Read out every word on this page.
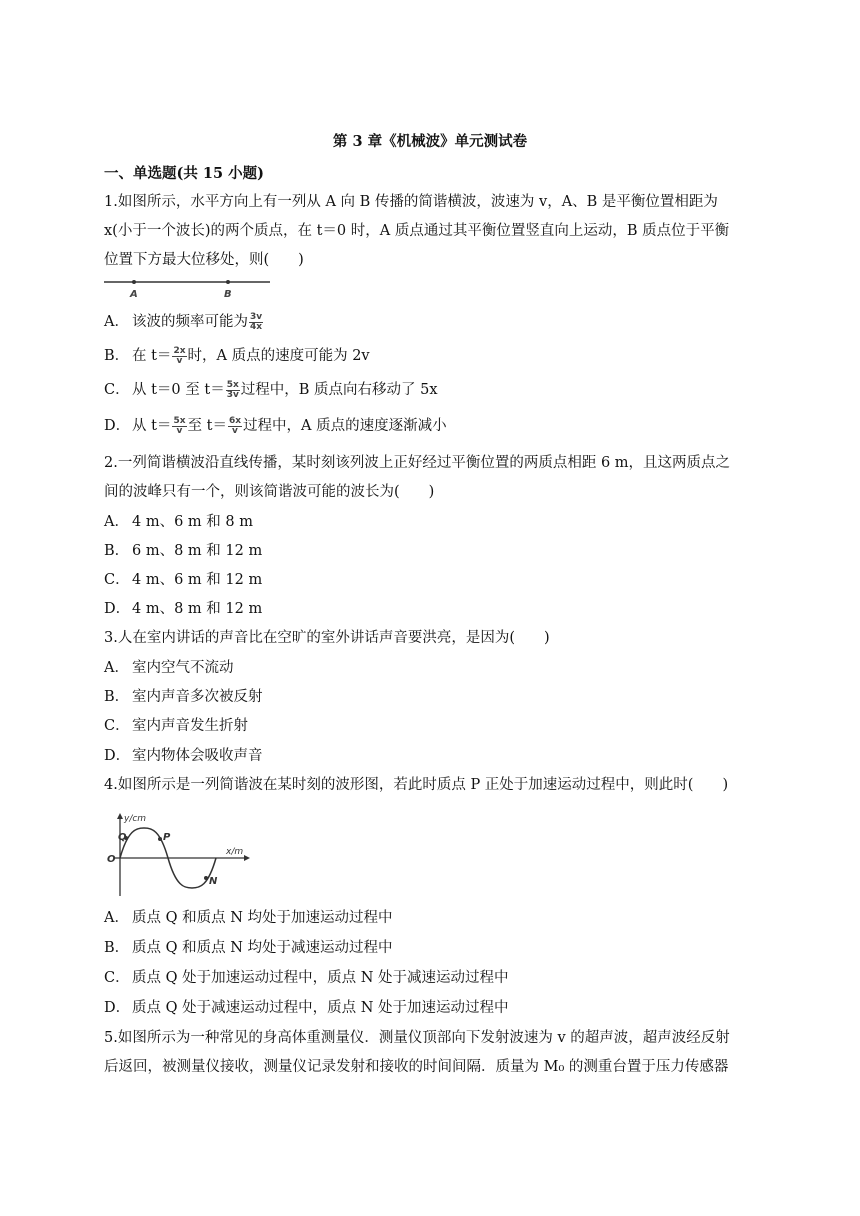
第 3 章《机械波》单元测试卷
一、单选题(共 15 小题)
1.如图所示，水平方向上有一列从 A 向 B 传播的简谐横波，波速为 v，A、B 是平衡位置相距为
x(小于一个波长)的两个质点，在 t＝0 时，A 质点通过其平衡位置竖直向上运动，B 质点位于平衡
位置下方最大位移处，则(　　)
A	B
A． 该波的频率可能为 $\frac{3v}{4x}$
B． 在 $t= \frac{2x}{v}$ 时，A 质点的速度可能为 2v
C． 从 t＝0 至 $t= \frac{5x}{3v}$ 过程中，B 质点向右移动了 5x
D． 从 $t= \frac{5x}{v}$ 至 $t= \frac{6x}{v}$ 过程中，A 质点的速度逐渐减小
2.一列简谐横波沿直线传播，某时刻该列波上正好经过平衡位置的两质点相距 6 m，且这两质点之
间的波峰只有一个，则该简谐波可能的波长为(　　)
A． 4 m、6 m 和 8 m
B． 6 m、8 m 和 12 m
C． 4 m、6 m 和 12 m
D． 4 m、8 m 和 12 m
3.人在室内讲话的声音比在空旷的室外讲话声音要洪亮，是因为(　　)
A． 室内空气不流动
B． 室内声音多次被反射
C． 室内声音发生折射
D． 室内物体会吸收声音
4.如图所示是一列简谐波在某时刻的波形图，若此时质点 P 正处于加速运动过程中，则此时(　　)
y/cm
x/m
O
Q	P
N
A． 质点 Q 和质点 N 均处于加速运动过程中
B． 质点 Q 和质点 N 均处于减速运动过程中
C． 质点 Q 处于加速运动过程中，质点 N 处于减速运动过程中
D． 质点 Q 处于减速运动过程中，质点 N 处于加速运动过程中
5.如图所示为一种常见的身高体重测量仪．测量仪顶部向下发射波速为 v 的超声波，超声波经反射
后返回，被测量仪接收，测量仪记录发射和接收的时间间隔．质量为 M₀ 的测重台置于压力传感器
